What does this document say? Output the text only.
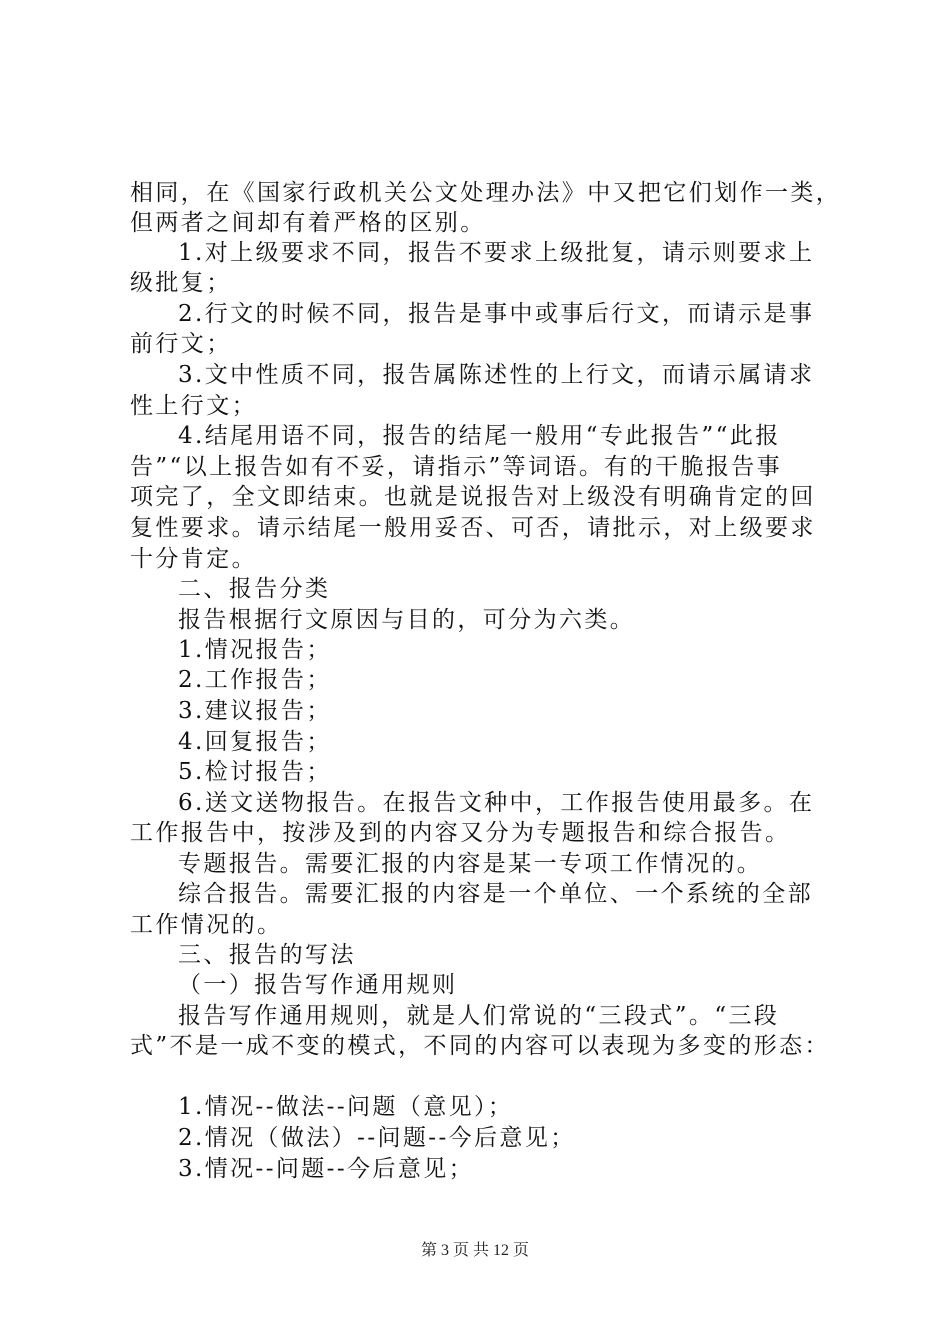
相同，在《国家行政机关公文处理办法》中又把它们划作一类，
但两者之间却有着严格的区别。
1.对上级要求不同，报告不要求上级批复，请示则要求上
级批复；
2.行文的时候不同，报告是事中或事后行文，而请示是事
前行文；
3.文中性质不同，报告属陈述性的上行文，而请示属请求
性上行文；
4.结尾用语不同，报告的结尾一般用“专此报告”“此报
告”“以上报告如有不妥，请指示”等词语。有的干脆报告事
项完了，全文即结束。也就是说报告对上级没有明确肯定的回
复性要求。请示结尾一般用妥否、可否，请批示，对上级要求
十分肯定。
二、报告分类
报告根据行文原因与目的，可分为六类。
1.情况报告；
2.工作报告；
3.建议报告；
4.回复报告；
5.检讨报告；
6.送文送物报告。在报告文种中，工作报告使用最多。在
工作报告中，按涉及到的内容又分为专题报告和综合报告。
专题报告。需要汇报的内容是某一专项工作情况的。
综合报告。需要汇报的内容是一个单位、一个系统的全部
工作情况的。
三、报告的写法
（一）报告写作通用规则
报告写作通用规则，就是人们常说的“三段式”。“三段
式”不是一成不变的模式，不同的内容可以表现为多变的形态：
1.情况--做法--问题（意见）；
2.情况（做法）--问题--今后意见；
3.情况--问题--今后意见；
第 3 页 共 12 页
